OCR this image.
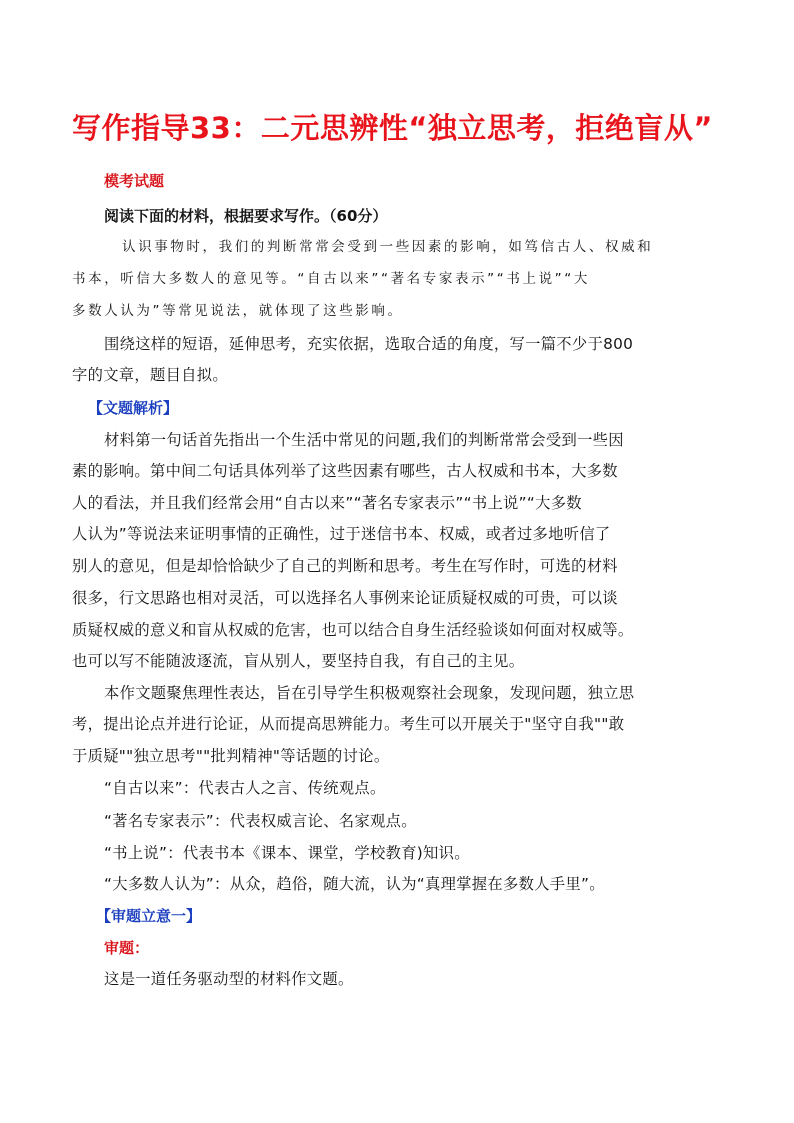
写作指导33：二元思辨性“独立思考，拒绝盲从”
模考试题
阅读下面的材料，根据要求写作。（60分）
认识事物时，我们的判断常常会受到一些因素的影响，如笃信古人、权威和
书本，听信大多数人的意见等。“自古以来”“著名专家表示”“书上说”“大
多数人认为”等常见说法，就体现了这些影响。
围绕这样的短语，延伸思考，充实依据，选取合适的角度，写一篇不少于800
字的文章，题目自拟。
【文题解析】
材料第一句话首先指出一个生活中常见的问题,我们的判断常常会受到一些因
素的影响。第中间二句话具体列举了这些因素有哪些，古人权威和书本，大多数
人的看法，并且我们经常会用“自古以来”“著名专家表示”“书上说”“大多数
人认为”等说法来证明事情的正确性，过于迷信书本、权威，或者过多地听信了
别人的意见，但是却恰恰缺少了自己的判断和思考。考生在写作时，可选的材料
很多，行文思路也相对灵活，可以选择名人事例来论证质疑权威的可贵，可以谈
质疑权威的意义和盲从权威的危害，也可以结合自身生活经验谈如何面对权威等。
也可以写不能随波逐流，盲从别人，要坚持自我，有自己的主见。
本作文题聚焦理性表达，旨在引导学生积极观察社会现象，发现问题，独立思
考，提出论点并进行论证，从而提高思辨能力。考生可以开展关于"坚守自我""敢
于质疑""独立思考""批判精神"等话题的讨论。
“自古以来”：代表古人之言、传统观点。
“著名专家表示”：代表权威言论、名家观点。
“书上说”：代表书本《课本、课堂，学校教育)知识。
“大多数人认为”：从众，趋俗，随大流，认为“真理掌握在多数人手里”。
【审题立意一】
审题：
这是一道任务驱动型的材料作文题。
